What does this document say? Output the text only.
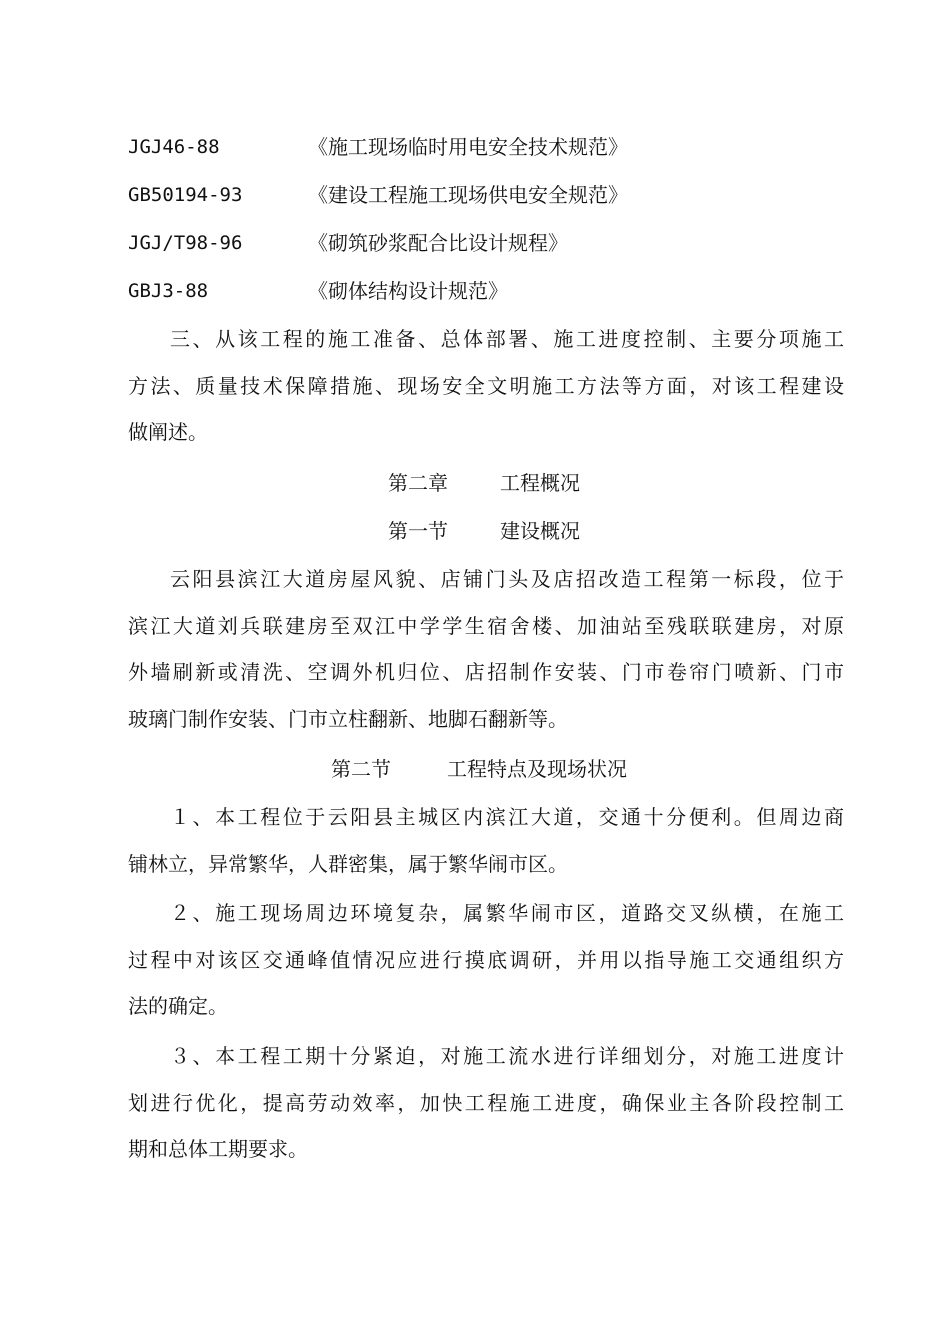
JGJ46-88	《施工现场临时用电安全技术规范》
GB50194-93	《建设工程施工现场供电安全规范》
JGJ/T98-96	《砌筑砂浆配合比设计规程》
GBJ3-88	《砌体结构设计规范》
三、从该工程的施工准备、总体部署、施工进度控制、主要分项施工
方法、质量技术保障措施、现场安全文明施工方法等方面，对该工程建设
做阐述。
第二章	工程概况
第一节	建设概况
云阳县滨江大道房屋风貌、店铺门头及店招改造工程第一标段，位于
滨江大道刘兵联建房至双江中学学生宿舍楼、加油站至残联联建房，对原
外墙刷新或清洗、空调外机归位、店招制作安装、门市卷帘门喷新、门市
玻璃门制作安装、门市立柱翻新、地脚石翻新等。
第二节	工程特点及现场状况
１、本工程位于云阳县主城区内滨江大道，交通十分便利。但周边商
铺林立，异常繁华，人群密集，属于繁华闹市区。
２、施工现场周边环境复杂，属繁华闹市区，道路交叉纵横，在施工
过程中对该区交通峰值情况应进行摸底调研，并用以指导施工交通组织方
法的确定。
３、本工程工期十分紧迫，对施工流水进行详细划分，对施工进度计
划进行优化，提高劳动效率，加快工程施工进度，确保业主各阶段控制工
期和总体工期要求。
